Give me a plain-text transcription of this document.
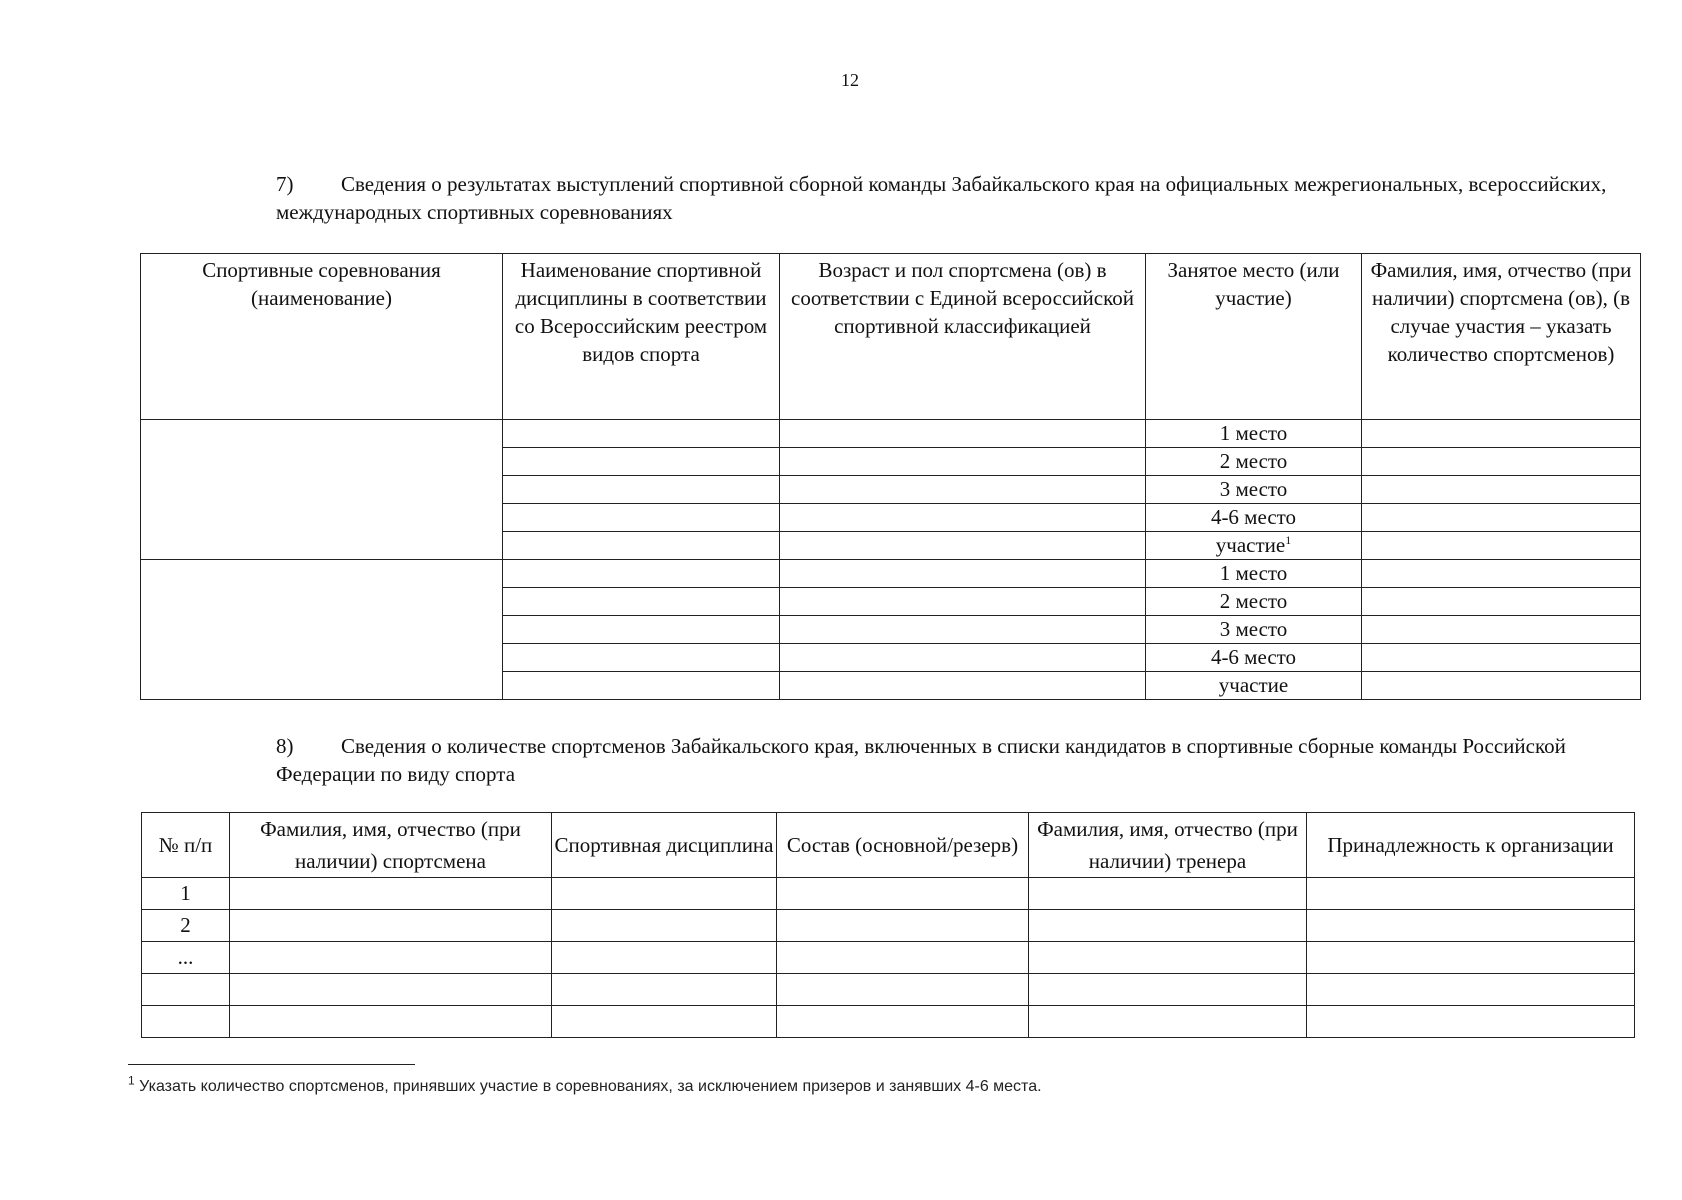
12
7) Сведения о результатах выступлений спортивной сборной команды Забайкальского края на официальных межрегиональных, всероссийских, международных спортивных соревнованиях
Спортивные соревнования (наименование)	Наименование спортивной дисциплины в соответствии со Всероссийским реестром видов спорта	Возраст и пол спортсмена (ов) в соответствии с Единой всероссийской спортивной классификацией	Занятое место (или участие)	Фамилия, имя, отчество (при наличии) спортсмена (ов), (в случае участия – указать количество спортсменов)
			1 место	
			2 место	
			3 место	
			4-6 место	
			участие$^1$	
			1 место	
			2 место	
			3 место	
			4-6 место	
			участие	
8) Сведения о количестве спортсменов Забайкальского края, включенных в списки кандидатов в спортивные сборные команды Российской Федерации по виду спорта
№ п/п	Фамилия, имя, отчество (при наличии) спортсмена	Спортивная дисциплина	Состав (основной/резерв)	Фамилия, имя, отчество (при наличии) тренера	Принадлежность к организации
1					
2					
...					

$^1$ Указать количество спортсменов, принявших участие в соревнованиях, за исключением призеров и занявших 4-6 места.
